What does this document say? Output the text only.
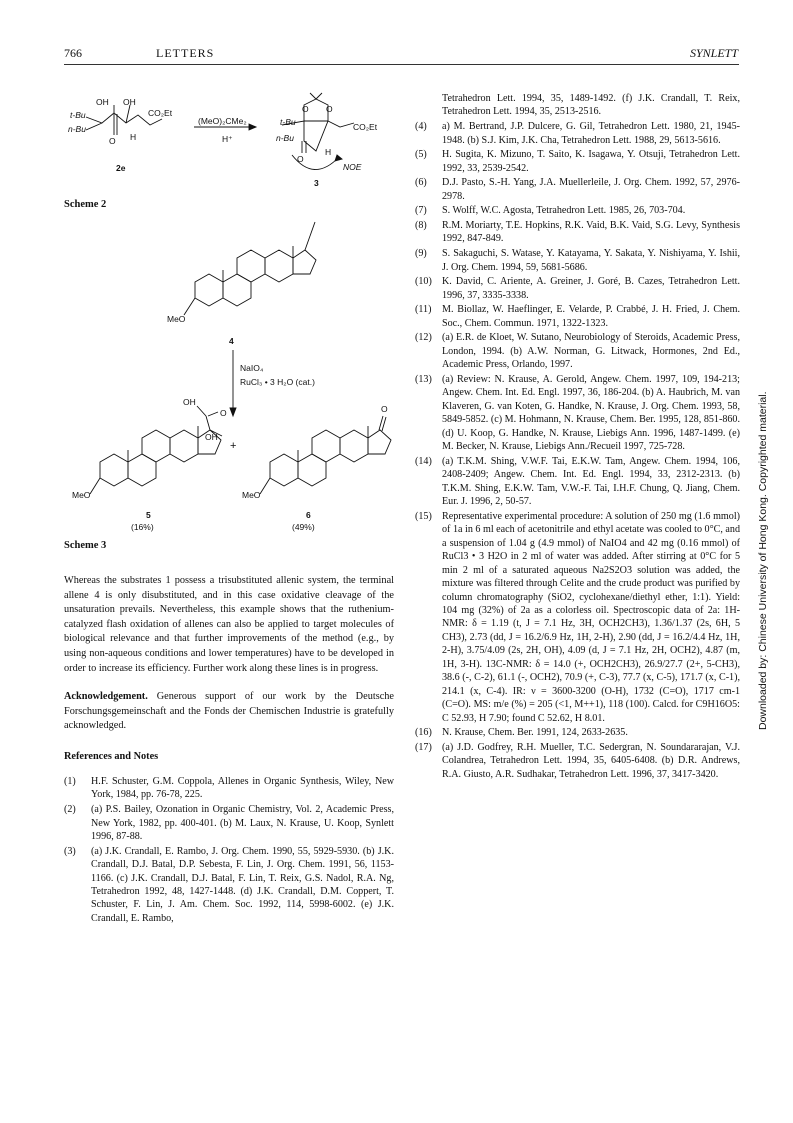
766	LETTERS	SYNLETT
OH OH
t-Bu
n-Bu
O H
CO₂Et
2e
(MeO)₂CMe₂
H⁺
O O
t-Bu
n-Bu
O
H
CO₂Et
NOE
3
Scheme 2
MeO
4
NaIO₄
RuCl₃ • 3 H₂O (cat.)
OH
O
OH
MeO
5
(16%)
+
O
MeO
6
(49%)
Scheme 3
Whereas the substrates 1 possess a trisubstituted allenic system, the terminal allene 4 is only disubstituted, and in this case oxidative cleavage of the unsaturation prevails. Nevertheless, this example shows that the ruthenium-catalyzed flash oxidation of allenes can also be applied to target molecules of biological relevance and that further improvements of the method (e.g., by using non-aqueous conditions and lower temperatures) have to be developed in order to increase its efficiency. Further work along these lines is in progress.
Acknowledgement. Generous support of our work by the Deutsche Forschungsgemeinschaft and the Fonds der Chemischen Industrie is gratefully acknowledged.
References and Notes
(1)	H.F. Schuster, G.M. Coppola, Allenes in Organic Synthesis, Wiley, New York, 1984, pp. 76-78, 225.
(2)	(a) P.S. Bailey, Ozonation in Organic Chemistry, Vol. 2, Academic Press, New York, 1982, pp. 400-401. (b) M. Laux, N. Krause, U. Koop, Synlett 1996, 87-88.
(3)	(a) J.K. Crandall, E. Rambo, J. Org. Chem. 1990, 55, 5929-5930. (b) J.K. Crandall, D.J. Batal, D.P. Sebesta, F. Lin, J. Org. Chem. 1991, 56, 1153-1166. (c) J.K. Crandall, D.J. Batal, F. Lin, T. Reix, G.S. Nadol, R.A. Ng, Tetrahedron 1992, 48, 1427-1448. (d) J.K. Crandall, D.M. Coppert, T. Schuster, F. Lin, J. Am. Chem. Soc. 1992, 114, 5998-6002. (e) J.K. Crandall, E. Rambo,
Tetrahedron Lett. 1994, 35, 1489-1492. (f) J.K. Crandall, T. Reix, Tetrahedron Lett. 1994, 35, 2513-2516.
(4)	a) M. Bertrand, J.P. Dulcere, G. Gil, Tetrahedron Lett. 1980, 21, 1945-1948. (b) S.J. Kim, J.K. Cha, Tetrahedron Lett. 1988, 29, 5613-5616.
(5)	H. Sugita, K. Mizuno, T. Saito, K. Isagawa, Y. Otsuji, Tetrahedron Lett. 1992, 33, 2539-2542.
(6)	D.J. Pasto, S.-H. Yang, J.A. Muellerleile, J. Org. Chem. 1992, 57, 2976-2978.
(7)	S. Wolff, W.C. Agosta, Tetrahedron Lett. 1985, 26, 703-704.
(8)	R.M. Moriarty, T.E. Hopkins, R.K. Vaid, B.K. Vaid, S.G. Levy, Synthesis 1992, 847-849.
(9)	S. Sakaguchi, S. Watase, Y. Katayama, Y. Sakata, Y. Nishiyama, Y. Ishii, J. Org. Chem. 1994, 59, 5681-5686.
(10)	K. David, C. Ariente, A. Greiner, J. Goré, B. Cazes, Tetrahedron Lett. 1996, 37, 3335-3338.
(11)	M. Biollaz, W. Haeflinger, E. Velarde, P. Crabbé, J. H. Fried, J. Chem. Soc., Chem. Commun. 1971, 1322-1323.
(12)	(a) E.R. de Kloet, W. Sutano, Neurobiology of Steroids, Academic Press, London, 1994. (b) A.W. Norman, G. Litwack, Hormones, 2nd Ed., Academic Press, Orlando, 1997.
(13)	(a) Review: N. Krause, A. Gerold, Angew. Chem. 1997, 109, 194-213; Angew. Chem. Int. Ed. Engl. 1997, 36, 186-204. (b) A. Haubrich, M. van Klaveren, G. van Koten, G. Handke, N. Krause, J. Org. Chem. 1993, 58, 5849-5852. (c) M. Hohmann, N. Krause, Chem. Ber. 1995, 128, 851-860. (d) U. Koop, G. Handke, N. Krause, Liebigs Ann. 1996, 1487-1499. (e) M. Becker, N. Krause, Liebigs Ann./Recueil 1997, 725-728.
(14)	(a) T.K.M. Shing, V.W.F. Tai, E.K.W. Tam, Angew. Chem. 1994, 106, 2408-2409; Angew. Chem. Int. Ed. Engl. 1994, 33, 2312-2313. (b) T.K.M. Shing, E.K.W. Tam, V.W.-F. Tai, I.H.F. Chung, Q. Jiang, Chem. Eur. J. 1996, 2, 50-57.
(15)	Representative experimental procedure: A solution of 250 mg (1.6 mmol) of 1a in 6 ml each of acetonitrile and ethyl acetate was cooled to 0°C, and a suspension of 1.04 g (4.9 mmol) of NaIO4 and 42 mg (0.16 mmol) of RuCl3 • 3 H2O in 2 ml of water was added. After stirring at 0°C for 5 min 2 ml of a saturated aqueous Na2S2O3 solution was added, the mixture was filtered through Celite and the crude product was purified by column chromatography (SiO2, cyclohexane/diethyl ether, 1:1). Yield: 104 mg (32%) of 2a as a colorless oil. Spectroscopic data of 2a: 1H-NMR: δ = 1.19 (t, J = 7.1 Hz, 3H, OCH2CH3), 1.36/1.37 (2s, 6H, 5 CH3), 2.73 (dd, J = 16.2/6.9 Hz, 1H, 2-H), 2.90 (dd, J = 16.2/4.4 Hz, 1H, 2-H), 3.75/4.09 (2s, 2H, OH), 4.09 (d, J = 7.1 Hz, 2H, OCH2), 4.87 (m, 1H, 3-H). 13C-NMR: δ = 14.0 (+, OCH2CH3), 26.9/27.7 (2+, 5-CH3), 38.6 (-, C-2), 61.1 (-, OCH2), 70.9 (+, C-3), 77.7 (x, C-5), 171.7 (x, C-1), 214.1 (x, C-4). IR: ν = 3600-3200 (O-H), 1732 (C=O), 1717 cm-1 (C=O). MS: m/e (%) = 205 (<1, M++1), 118 (100). Calcd. for C9H16O5: C 52.93, H 7.90; found C 52.62, H 8.01.
(16)	N. Krause, Chem. Ber. 1991, 124, 2633-2635.
(17)	(a) J.D. Godfrey, R.H. Mueller, T.C. Sedergran, N. Soundararajan, V.J. Colandrea, Tetrahedron Lett. 1994, 35, 6405-6408. (b) D.R. Andrews, R.A. Giusto, A.R. Sudhakar, Tetrahedron Lett. 1996, 37, 3417-3420.
Downloaded by: Chinese University of Hong Kong. Copyrighted material.
